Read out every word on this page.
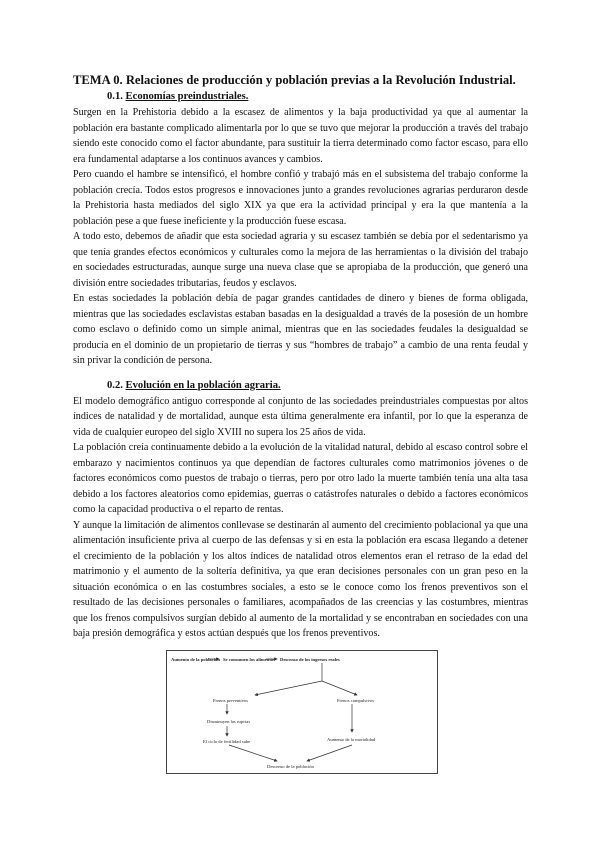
TEMA 0. Relaciones de producción y población previas a la Revolución Industrial.
0.1. Economías preindustriales.

Surgen en la Prehistoria debido a la escasez de alimentos y la baja productividad ya que al aumentar la población era bastante complicado alimentarla por lo que se tuvo que mejorar la producción a través del trabajo siendo este conocido como el factor abundante, para sustituir la tierra determinado como factor escaso, para ello era fundamental adaptarse a los continuos avances y cambios.

Pero cuando el hambre se intensificó, el hombre confió y trabajó más en el subsistema del trabajo conforme la población crecía. Todos estos progresos e innovaciones junto a grandes revoluciones agrarias perduraron desde la Prehistoria hasta mediados del siglo XIX ya que era la actividad principal y era la que mantenía a la población pese a que fuese ineficiente y la producción fuese escasa.

A todo esto, debemos de añadir que esta sociedad agraria y su escasez también se debía por el sedentarismo ya que tenía grandes efectos económicos y culturales como la mejora de las herramientas o la división del trabajo en sociedades estructuradas, aunque surge una nueva clase que se apropiaba de la producción, que generó una división entre sociedades tributarias, feudos y esclavos.

En estas sociedades la población debía de pagar grandes cantidades de dinero y bienes de forma obligada, mientras que las sociedades esclavistas estaban basadas en la desigualdad a través de la posesión de un hombre como esclavo o definido como un simple animal, mientras que en las sociedades feudales la desigualdad se producía en el dominio de un propietario de tierras y sus “hombres de trabajo” a cambio de una renta feudal y sin privar la condición de persona.

0.2. Evolución en la población agraria.

El modelo demográfico antiguo corresponde al conjunto de las sociedades preindustriales compuestas por altos índices de natalidad y de mortalidad, aunque esta última generalmente era infantil, por lo que la esperanza de vida de cualquier europeo del siglo XVIII no supera los 25 años de vida.

La población creía continuamente debido a la evolución de la vitalidad natural, debido al escaso control sobre el embarazo y nacimientos continuos ya que dependían de factores culturales como matrimonios jóvenes o de factores económicos como puestos de trabajo o tierras, pero por otro lado la muerte también tenía una alta tasa debido a los factores aleatorios como epidemias, guerras o catástrofes naturales o debido a factores económicos como la capacidad productiva o el reparto de rentas.

Y aunque la limitación de alimentos conllevase se destinarán al aumento del crecimiento poblacional ya que una alimentación insuficiente priva al cuerpo de las defensas y si en esta la población era escasa llegando a detener el crecimiento de la población y los altos índices de natalidad otros elementos eran el retraso de la edad del matrimonio y el aumento de la soltería definitiva, ya que eran decisiones personales con un gran peso en la situación económica o en las costumbres sociales, a esto se le conoce como los frenos preventivos son el resultado de las decisiones personales o familiares, acompañados de las creencias y las costumbres, mientras que los frenos compulsivos surgían debido al aumento de la mortalidad y se encontraban en sociedades con una baja presión demográfica y estos actúan después que los frenos preventivos.

Aumento de la población Se consumen los alimentos Descenso de los ingresos reales
Frenos preventivos	Frenos compulsivos
Disminuyen las rupcias
El ciclo de fertilidad sube	Aumento de la mortalidad
Descenso de la población
